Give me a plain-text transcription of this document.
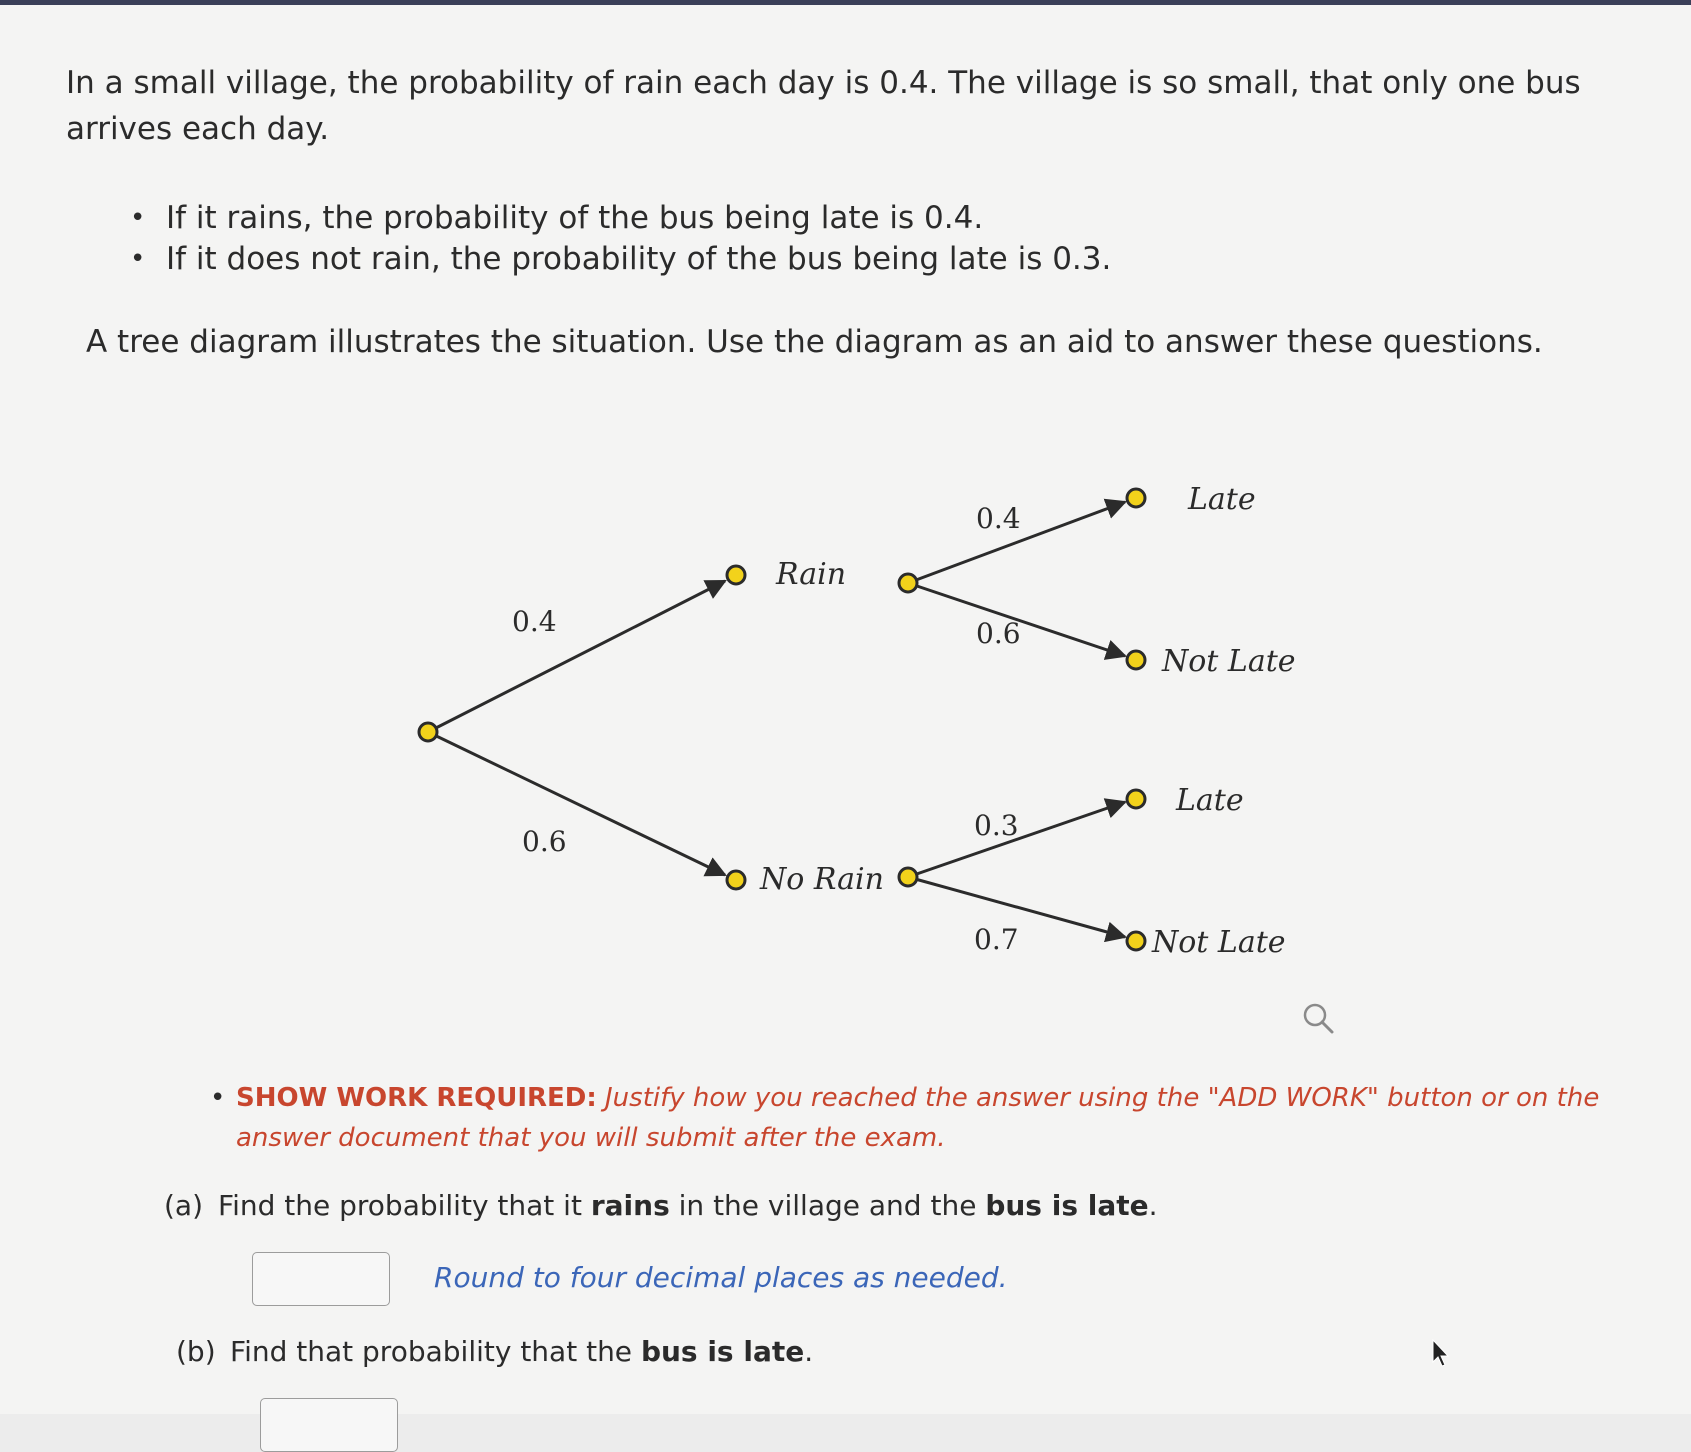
In a small village, the probability of rain each day is 0.4. The village is so small, that only one bus arrives each day.

• If it rains, the probability of the bus being late is 0.4.
• If it does not rain, the probability of the bus being late is 0.3.

A tree diagram illustrates the situation. Use the diagram as an aid to answer these questions.

0.4
0.6
Rain
No Rain
0.4
0.6
Late
Not Late
0.3
0.7
Late
Not Late

• SHOW WORK REQUIRED: Justify how you reached the answer using the "ADD WORK" button or on the answer document that you will submit after the exam.

(a) Find the probability that it rains in the village and the bus is late.

Round to four decimal places as needed.

(b) Find that probability that the bus is late.
